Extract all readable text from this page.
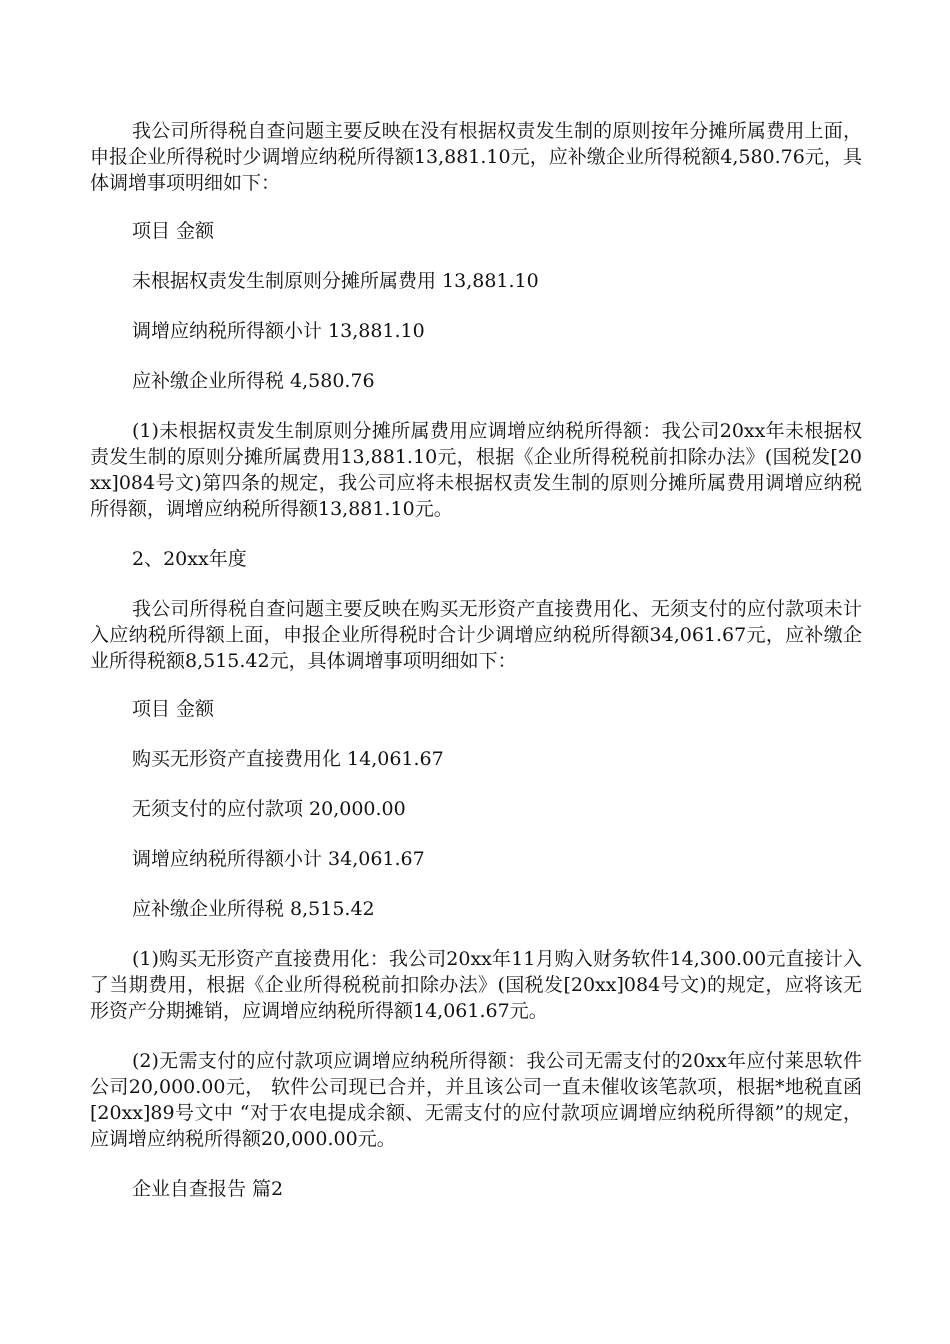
我公司所得税自查问题主要反映在没有根据权责发生制的原则按年分摊所属费用上面，申报企业所得税时少调增应纳税所得额13,881.10元，应补缴企业所得税额4,580.76元，具体调增事项明细如下：

项目 金额

未根据权责发生制原则分摊所属费用 13,881.10

调增应纳税所得额小计 13,881.10

应补缴企业所得税 4,580.76

(1)未根据权责发生制原则分摊所属费用应调增应纳税所得额：我公司20xx年未根据权责发生制的原则分摊所属费用13,881.10元，根据《企业所得税税前扣除办法》(国税发[20xx]084号文)第四条的规定，我公司应将未根据权责发生制的原则分摊所属费用调增应纳税所得额，调增应纳税所得额13,881.10元。

2、20xx年度

我公司所得税自查问题主要反映在购买无形资产直接费用化、无须支付的应付款项未计入应纳税所得额上面，申报企业所得税时合计少调增应纳税所得额34,061.67元，应补缴企业所得税额8,515.42元，具体调增事项明细如下：

项目 金额

购买无形资产直接费用化 14,061.67

无须支付的应付款项 20,000.00

调增应纳税所得额小计 34,061.67

应补缴企业所得税 8,515.42

(1)购买无形资产直接费用化：我公司20xx年11月购入财务软件14,300.00元直接计入了当期费用，根据《企业所得税税前扣除办法》(国税发[20xx]084号文)的规定，应将该无形资产分期摊销，应调增应纳税所得额14,061.67元。

(2)无需支付的应付款项应调增应纳税所得额：我公司无需支付的20xx年应付莱思软件公司20,000.00元， 软件公司现已合并，并且该公司一直未催收该笔款项，根据*地税直函[20xx]89号文中 “对于农电提成余额、无需支付的应付款项应调增应纳税所得额”的规定，应调增应纳税所得额20,000.00元。

企业自查报告 篇2
